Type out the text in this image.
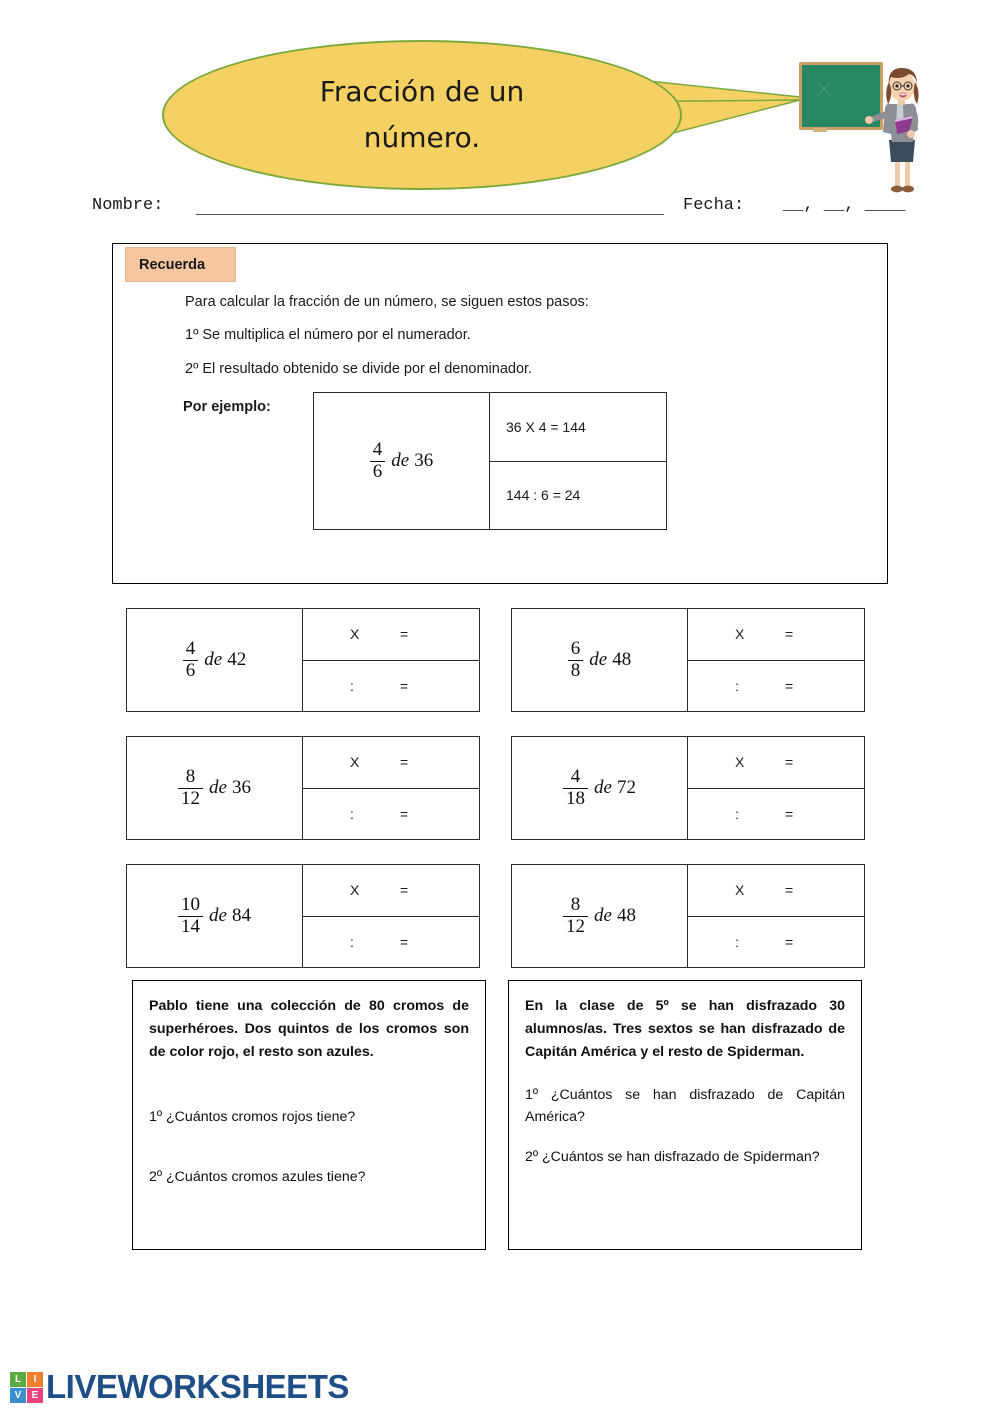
Fracción de un
número.
Nombre:	Fecha: __, __, ____
Recuerda
Para calcular la fracción de un número, se siguen estos pasos:
1º Se multiplica el número por el numerador.
2º El resultado obtenido se divide por el denominador.
Por ejemplo:
$\frac{4}{6}$ de 36
36 X 4 = 144
144 : 6 = 24
$\frac{4}{6}$ de 42
X	=
:	=
$\frac{6}{8}$ de 48
X	=
:	=
$\frac{8}{12}$ de 36
X	=
:	=
$\frac{4}{18}$ de 72
X	=
:	=
$\frac{10}{14}$ de 84
X	=
:	=
$\frac{8}{12}$ de 48
X	=
:	=
Pablo tiene una colección de 80 cromos de superhéroes. Dos quintos de los cromos son de color rojo, el resto son azules.
1º ¿Cuántos cromos rojos tiene?
2º ¿Cuántos cromos azules tiene?
En la clase de 5º se han disfrazado 30 alumnos/as. Tres sextos se han disfrazado de Capitán América y el resto de Spiderman.
1º ¿Cuántos se han disfrazado de Capitán América?
2º ¿Cuántos se han disfrazado de Spiderman?
L	I
V	E LIVEWORKSHEETS
